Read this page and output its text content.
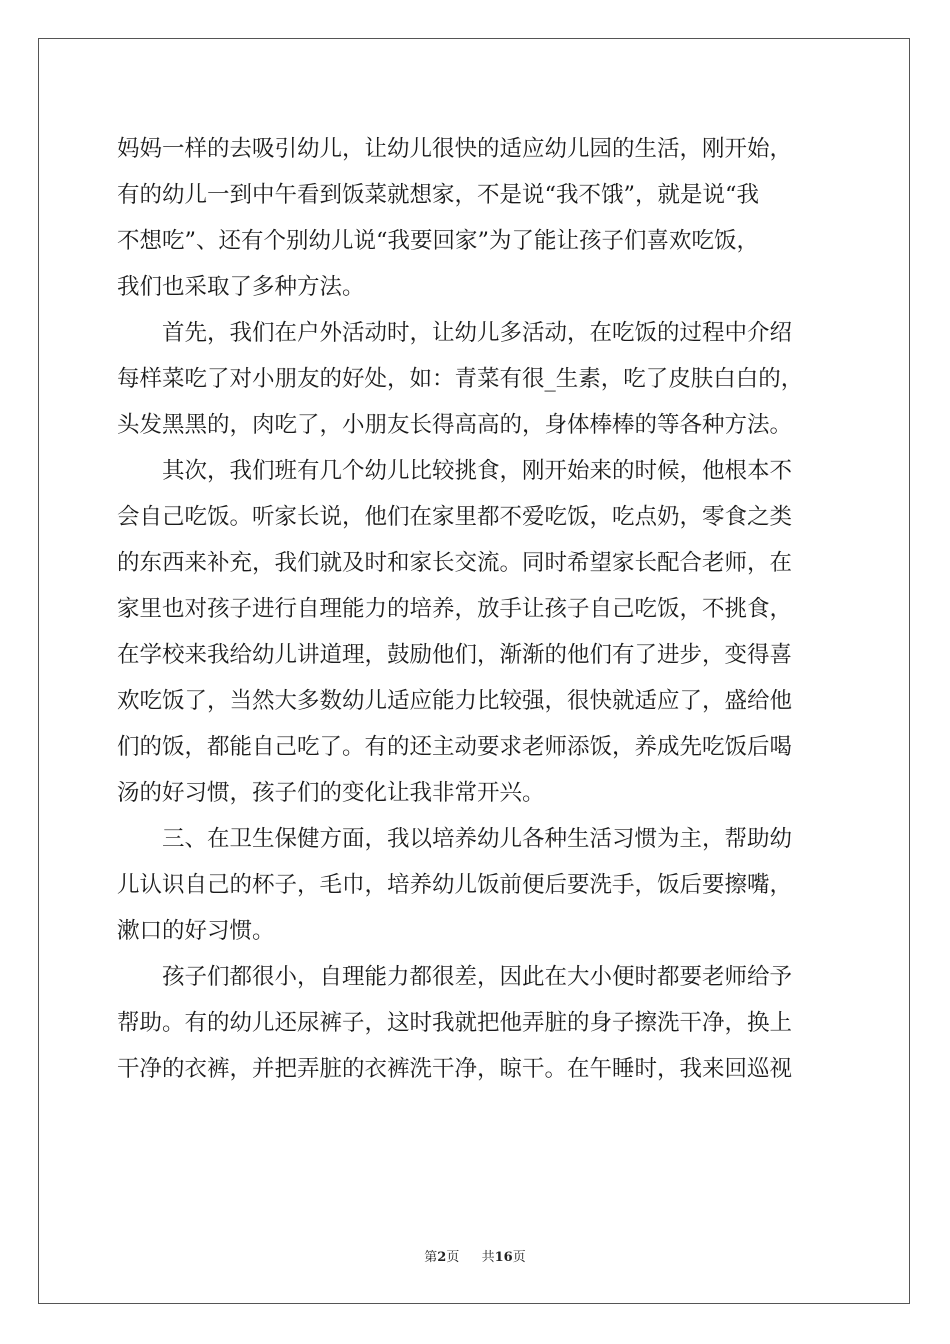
妈妈一样的去吸引幼儿，让幼儿很快的适应幼儿园的生活，刚开始，
有的幼儿一到中午看到饭菜就想家，不是说“我不饿”，就是说“我
不想吃”、还有个别幼儿说“我要回家”为了能让孩子们喜欢吃饭，
我们也采取了多种方法。
首先，我们在户外活动时，让幼儿多活动，在吃饭的过程中介绍
每样菜吃了对小朋友的好处，如：青菜有很_生素，吃了皮肤白白的，
头发黑黑的，肉吃了，小朋友长得高高的，身体棒棒的等各种方法。
其次，我们班有几个幼儿比较挑食，刚开始来的时候，他根本不
会自己吃饭。听家长说，他们在家里都不爱吃饭，吃点奶，零食之类
的东西来补充，我们就及时和家长交流。同时希望家长配合老师，在
家里也对孩子进行自理能力的培养，放手让孩子自己吃饭，不挑食，
在学校来我给幼儿讲道理，鼓励他们，渐渐的他们有了进步，变得喜
欢吃饭了，当然大多数幼儿适应能力比较强，很快就适应了，盛给他
们的饭，都能自己吃了。有的还主动要求老师添饭，养成先吃饭后喝
汤的好习惯，孩子们的变化让我非常开兴。
三、在卫生保健方面，我以培养幼儿各种生活习惯为主，帮助幼
儿认识自己的杯子，毛巾，培养幼儿饭前便后要洗手，饭后要擦嘴，
漱口的好习惯。
孩子们都很小，自理能力都很差，因此在大小便时都要老师给予
帮助。有的幼儿还尿裤子，这时我就把他弄脏的身子擦洗干净，换上
干净的衣裤，并把弄脏的衣裤洗干净，晾干。在午睡时，我来回巡视
第2页 共16页
